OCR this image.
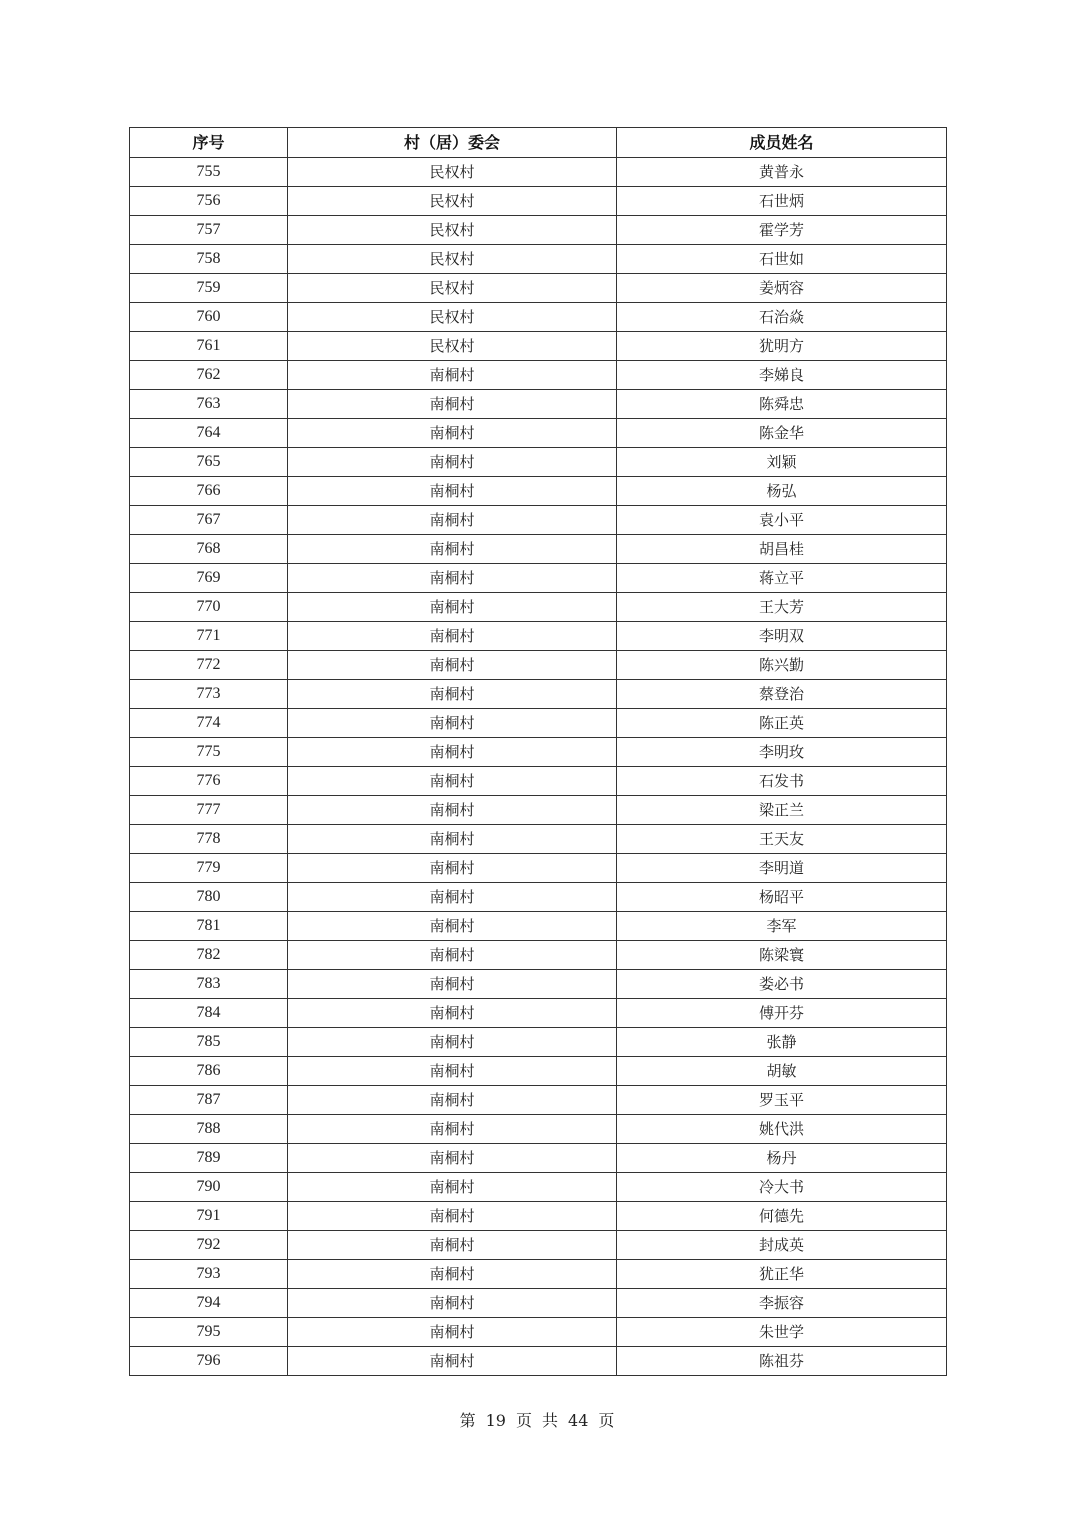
序号	村（居）委会	成员姓名
755	民权村	黄普永
756	民权村	石世炳
757	民权村	霍学芳
758	民权村	石世如
759	民权村	姜炳容
760	民权村	石治焱
761	民权村	犹明方
762	南桐村	李娣良
763	南桐村	陈舜忠
764	南桐村	陈金华
765	南桐村	刘颖
766	南桐村	杨弘
767	南桐村	袁小平
768	南桐村	胡昌桂
769	南桐村	蒋立平
770	南桐村	王大芳
771	南桐村	李明双
772	南桐村	陈兴勤
773	南桐村	蔡登治
774	南桐村	陈正英
775	南桐村	李明玫
776	南桐村	石发书
777	南桐村	梁正兰
778	南桐村	王天友
779	南桐村	李明道
780	南桐村	杨昭平
781	南桐村	李军
782	南桐村	陈梁寰
783	南桐村	娄必书
784	南桐村	傅开芬
785	南桐村	张静
786	南桐村	胡敏
787	南桐村	罗玉平
788	南桐村	姚代洪
789	南桐村	杨丹
790	南桐村	冷大书
791	南桐村	何德先
792	南桐村	封成英
793	南桐村	犹正华
794	南桐村	李振容
795	南桐村	朱世学
796	南桐村	陈祖芬
第 19 页 共 44 页
